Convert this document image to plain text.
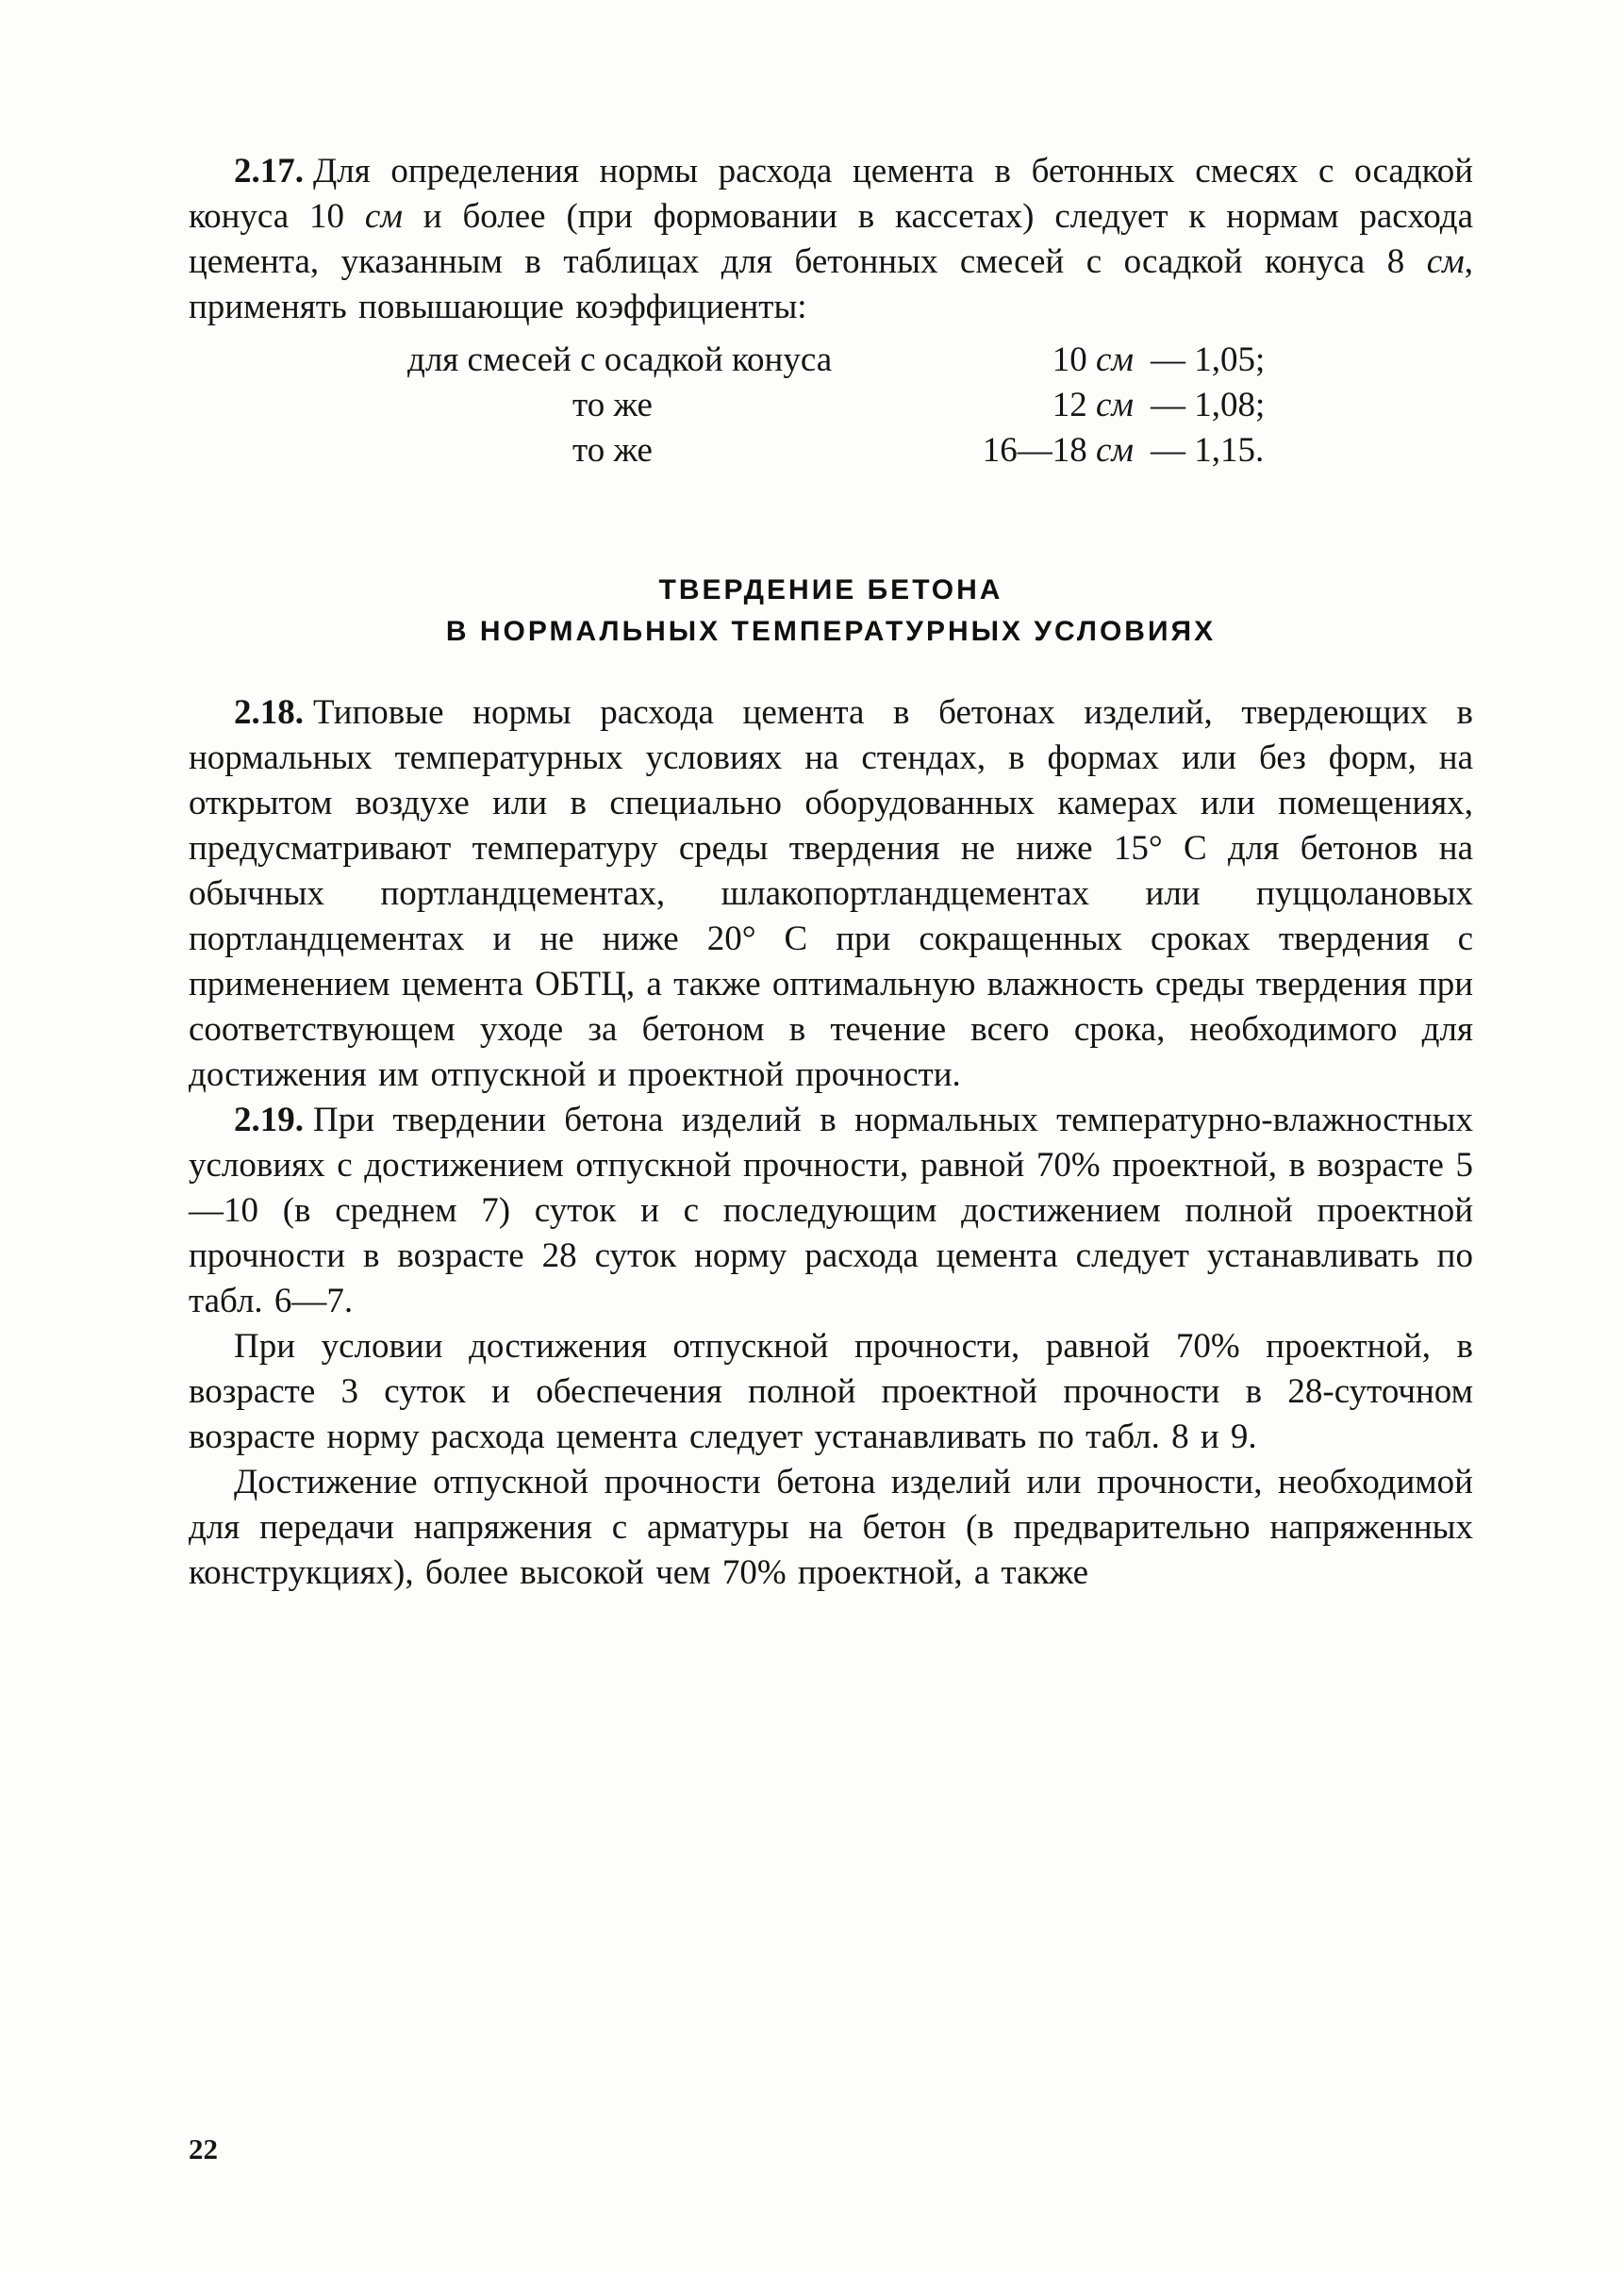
2.17. Для определения нормы расхода цемента в бетонных смесях с осадкой конуса 10 см и более (при формовании в кассетах) следует к нормам расхода цемента, указанным в таблицах для бетонных смесей с осадкой конуса 8 см, применять повышающие коэффициенты:

для смесей с осадкой конуса	10 см — 1,05;
то же	12 см — 1,08;
то же	16—18 см — 1,15.
ТВЕРДЕНИЕ БЕТОНА
В НОРМАЛЬНЫХ ТЕМПЕРАТУРНЫХ УСЛОВИЯХ

2.18. Типовые нормы расхода цемента в бетонах изделий, твердеющих в нормальных температурных условиях на стендах, в формах или без форм, на открытом воздухе или в специально оборудованных камерах или помещениях, предусматривают температуру среды твердения не ниже 15° С для бетонов на обычных портландцементах, шлакопортландцементах или пуццолановых портландцементах и не ниже 20° С при сокращенных сроках твердения с применением цемента ОБТЦ, а также оптимальную влажность среды твердения при соответствующем уходе за бетоном в течение всего срока, необходимого для достижения им отпускной и проектной прочности.

2.19. При твердении бетона изделий в нормальных температурно-влажностных условиях с достижением отпускной прочности, равной 70% проектной, в возрасте 5—10 (в среднем 7) суток и с последующим достижением полной проектной прочности в возрасте 28 суток норму расхода цемента следует устанавливать по табл. 6—7.

При условии достижения отпускной прочности, равной 70% проектной, в возрасте 3 суток и обеспечения полной проектной прочности в 28-суточном возрасте норму расхода цемента следует устанавливать по табл. 8 и 9.

Достижение отпускной прочности бетона изделий или прочности, необходимой для передачи напряжения с арматуры на бетон (в предварительно напряженных конструкциях), более высокой чем 70% проектной, а также

22
